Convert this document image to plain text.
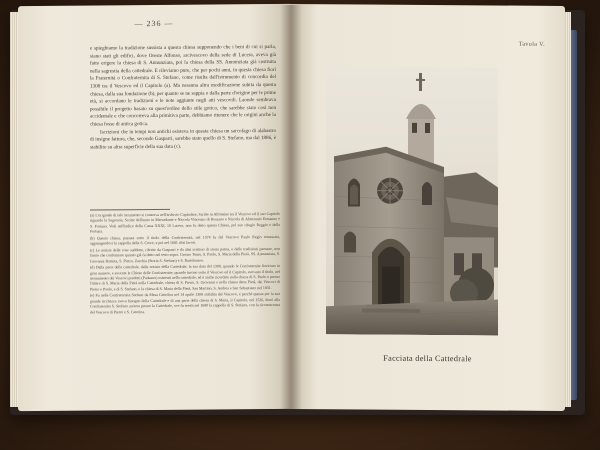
— 236 —

e spieghiamo la tradizione sussista a questa chiesa supponendo che i beni di cui si parla, siano stati gli edifici, dove Oreste Alfonso, arcivescovo della sede di Lucera, aveva già fatto erigere la chiesa di S. Annunziata, poi la chiesa della SS. Annunziata già costruita nella sagrestia della cattedrale. E rileviamo pure, che per pochi anni, in questa chiesa fiorì la Fraternità o Confraternita di S. Stefano, come risulta dall'istrumento di concordia del 1308 tra il Vescovo ed il Capitolo (a). Ma nessuna altra modificazione subita da questa chiesa, dalla sua fondazione (b), per quanto se ne sappia o dalla parte d'origine per le prime età, si accordano le tradizioni e le note aggiunte negli atti vescovili. Laonde sembrava possibile il progetto basato su quest'ordine dello stile gotico, che sarebbe stato così non accidentale e che concorreva alla primitiva parte, debbiamo ritenere che le origini anche la chiesa fosse di antica gotica.

Iscrizioni che in tempi non antichi esisteva in questa chiesa un sarcofago di alabastro di insigne fattura, che, secondo Gasparri, sarebbe stato quello di S. Stefano, ma dal 1886, è stabilito su altra superficie della sua data (c).

(a) L'originale di tale istrumento si conserva nell'archivio Capitolare, Scritte in Alfonsine tra il Vescovo ed il suo Capitolo riguardo la Sagrestia, Scritte dell'anno in Mercadante e Niccola Vincenzo di Rossano e Niccola di Almeranio Ermanno e S. Fortuna. Vedi nell'indice della Cassa XXXI, 10 Lucera, non fu detto questa Chiesa, pel suo rifugio Reggio e della Fortuna.

(b) Questa chiesa, passata sotto il titolo della Confraternita, nel 1574 fu dal Vescovo Paulo Regio restaurata, aggiungendovi la cappella della S. Croce, e poi nel 1681 altri lavori.

(c) Le notizie delle cose suddette, riferite da Gasparri e da altri scrittori di storia patria, e dalle tradizioni paesane, non fanno che confermare quanto già fu detto nel testo sopra. Grosso Tomo, S. Paolo, S. Maria della Pietà, SS. Annunziata, S. Giovanni Battista, S. Pietro, Zacchia (Storia S. Stefano) e S. Bartolomeo.

(d) Dalla parte della cattedrale, dalle notizie della Cattedrale, la sua data del 1308, quando le Confraternite fiorirono in gran numero, e sovente le Chiese delle Confraternite, quando furono sotto il Vescovo ed il Capitolo, avevano il titolo, nel monumento dei Vescovi predetti (Paduano) esistenti nella cattedrale, ed è anche ricordato nella chiesa di S. Paolo e presso l'altare di S. Maria della Pietà nella Cattedrale, chiesa di S. Pietro, S. Giovanni e nella chiesa detta Pietà, dai Vescovi di Pietro e Paolo, e di S. Stefano, e la chiesa di S. Maria della Pietà, San Martino, S. Andrea e San Sebastiano nel 1831.

(e) Fu nella Confraternita Stefano da Mesa Cattolica nel 14 aprile 1308 stabilita dal Vescovo, e perchè questa per la sua grande ricchezza aveva bisogno della Cattedrale e di una parte della chiesa di S. Maria, il Capitolo, nel 1526, donò alla Confraternita S. Stefano un'area presso la Cattedrale, ove fu eretta nel 1680 la cappella di S. Stefano, con la riconoscenza del Vescovo di Pietro e S. Caterina.

Tavola V.
Facciata della Cattedrale
